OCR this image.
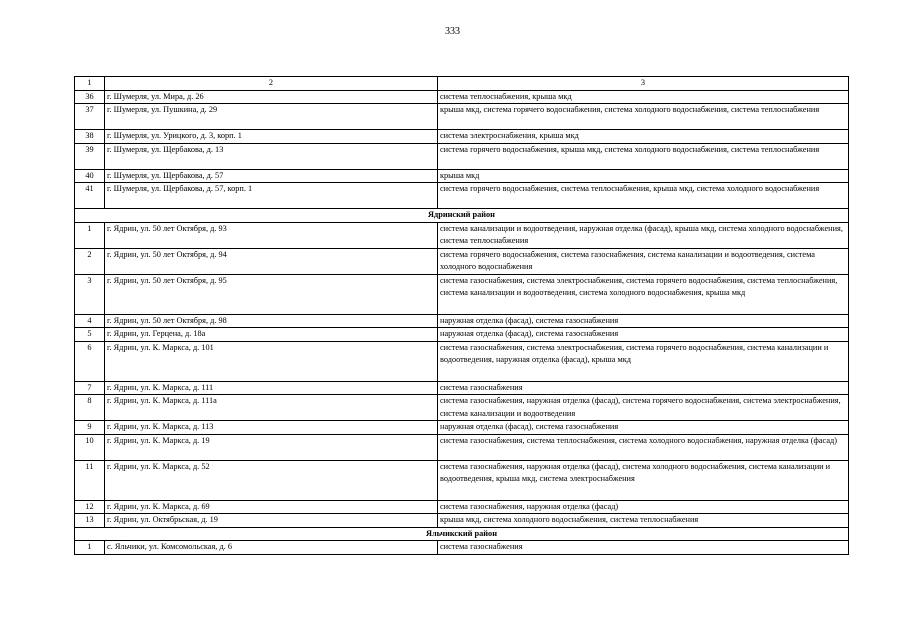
333
1	2	3
36	г. Шумерля, ул. Мира, д. 26	система теплоснабжения, крыша мкд
37	г. Шумерля, ул. Пушкина, д. 29	крыша мкд, система горячего водоснабжения, система холодного водоснабжения, система теплоснабжения
38	г. Шумерля, ул. Урицкого, д. 3, корп. 1	система электроснабжения, крыша мкд
39	г. Шумерля, ул. Щербакова, д. 13	система горячего водоснабжения, крыша мкд, система холодного водоснабжения, система теплоснабжения
40	г. Шумерля, ул. Щербакова, д. 57	крыша мкд
41	г. Шумерля, ул. Щербакова, д. 57, корп. 1	система горячего водоснабжения, система теплоснабжения, крыша мкд, система холодного водоснабжения
Ядринский район		
1	г. Ядрин, ул. 50 лет Октября, д. 93	система канализации и водоотведения, наружная отделка (фасад), крыша мкд, система холодного водоснабжения, система теплоснабжения
2	г. Ядрин, ул. 50 лет Октября, д. 94	система горячего водоснабжения, система газоснабжения, система канализации и водоотведения, система холодного водоснабжения
3	г. Ядрин, ул. 50 лет Октября, д. 95	система газоснабжения, система электроснабжения, система горячего водоснабжения, система теплоснабжения, система канализации и водоотведения, система холодного водоснабжения, крыша мкд
4	г. Ядрин, ул. 50 лет Октября, д. 98	наружная отделка (фасад), система газоснабжения
5	г. Ядрин, ул. Герцена, д. 18а	наружная отделка (фасад), система газоснабжения
6	г. Ядрин, ул. К. Маркса, д. 101	система газоснабжения, система электроснабжения, система горячего водоснабжения, система канализации и водоотведения, наружная отделка (фасад), крыша мкд
7	г. Ядрин, ул. К. Маркса, д. 111	система газоснабжения
8	г. Ядрин, ул. К. Маркса, д. 111а	система газоснабжения, наружная отделка (фасад), система горячего водоснабжения, система электроснабжения, система канализации и водоотведения
9	г. Ядрин, ул. К. Маркса, д. 113	наружная отделка (фасад), система газоснабжения
10	г. Ядрин, ул. К. Маркса, д. 19	система газоснабжения, система теплоснабжения, система холодного водоснабжения, наружная отделка (фасад)
11	г. Ядрин, ул. К. Маркса, д. 52	система газоснабжения, наружная отделка (фасад), система холодного водоснабжения, система канализации и водоотведения, крыша мкд, система электроснабжения
12	г. Ядрин, ул. К. Маркса, д. 69	система газоснабжения, наружная отделка (фасад)
13	г. Ядрин, ул. Октябрьская, д. 19	крыша мкд, система холодного водоснабжения, система теплоснабжения
Яльчикский район		
1	с. Яльчики, ул. Комсомольская, д. 6	система газоснабжения
